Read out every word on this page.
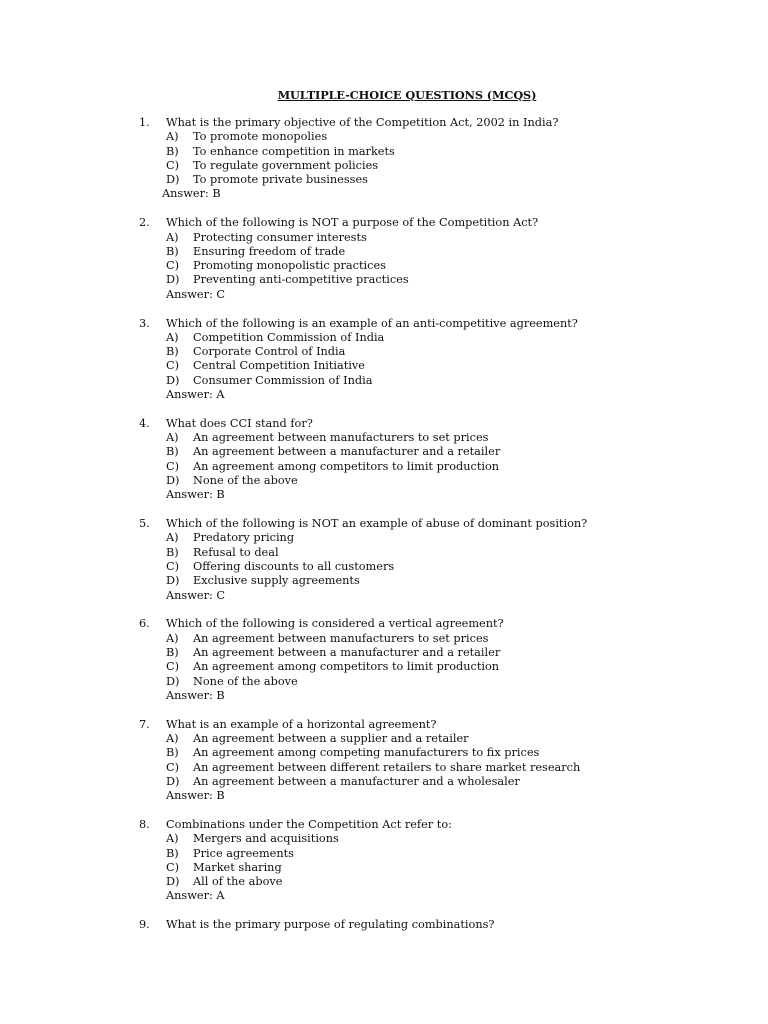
MULTIPLE-CHOICE QUESTIONS (MCQS)
1. What is the primary objective of the Competition Act, 2002 in India?
A) To promote monopolies
B) To enhance competition in markets
C) To regulate government policies
D) To promote private businesses
Answer: B
2. Which of the following is NOT a purpose of the Competition Act?
A) Protecting consumer interests
B) Ensuring freedom of trade
C) Promoting monopolistic practices
D) Preventing anti-competitive practices
Answer: C
3. Which of the following is an example of an anti-competitive agreement?
A) Competition Commission of India
B) Corporate Control of India
C) Central Competition Initiative
D) Consumer Commission of India
Answer: A
4. What does CCI stand for?
A) An agreement between manufacturers to set prices
B) An agreement between a manufacturer and a retailer
C) An agreement among competitors to limit production
D) None of the above
Answer: B
5. Which of the following is NOT an example of abuse of dominant position?
A) Predatory pricing
B) Refusal to deal
C) Offering discounts to all customers
D) Exclusive supply agreements
Answer: C
6. Which of the following is considered a vertical agreement?
A) An agreement between manufacturers to set prices
B) An agreement between a manufacturer and a retailer
C) An agreement among competitors to limit production
D) None of the above
Answer: B
7. What is an example of a horizontal agreement?
A) An agreement between a supplier and a retailer
B) An agreement among competing manufacturers to fix prices
C) An agreement between different retailers to share market research
D) An agreement between a manufacturer and a wholesaler
Answer: B
8. Combinations under the Competition Act refer to:
A) Mergers and acquisitions
B) Price agreements
C) Market sharing
D) All of the above
Answer: A
9. What is the primary purpose of regulating combinations?
